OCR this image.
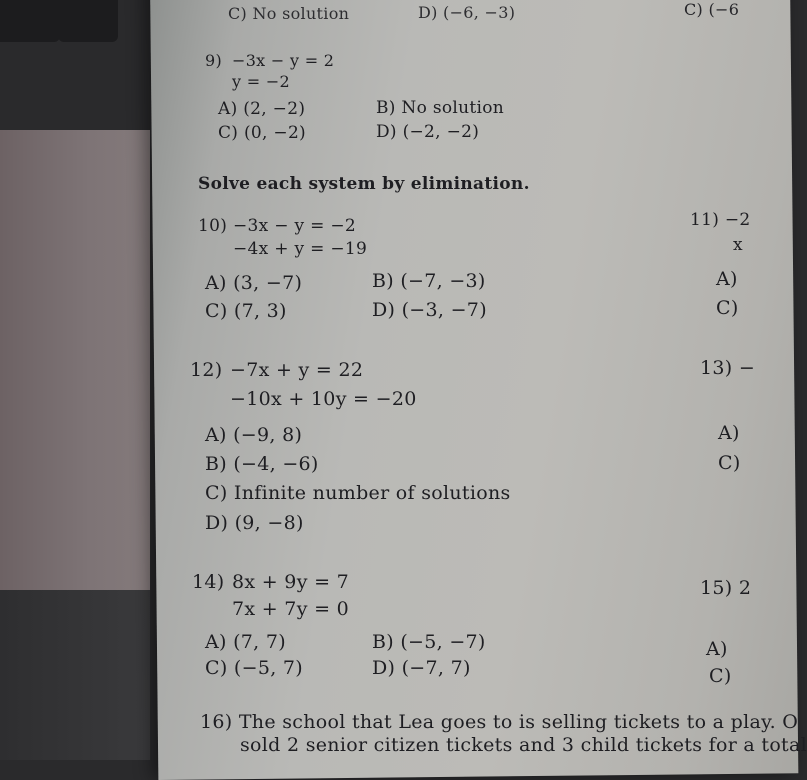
C) No solution	D) (−6, −3)	C) (−6
9) −3x − y = 2
y = −2
A) (2, −2)	B) No solution
C) (0, −2)	D) (−2, −2)
Solve each system by elimination.
10) −3x − y = −2
−4x + y = −19
A) (3, −7)	B) (−7, −3)
C) (7, 3)	D) (−3, −7)
11) −2
x
A)
C)
12) −7x + y = 22
−10x + 10y = −20
A) (−9, 8)
B) (−4, −6)
C) Infinite number of solutions
D) (9, −8)
13) −
A)
C)
14) 8x + 9y = 7
7x + 7y = 0
A) (7, 7)	B) (−5, −7)
C) (−5, 7)	D) (−7, 7)
15) 2
A)
C)
16) The school that Lea goes to is selling tickets to a play. O
sold 2 senior citizen tickets and 3 child tickets for a total
